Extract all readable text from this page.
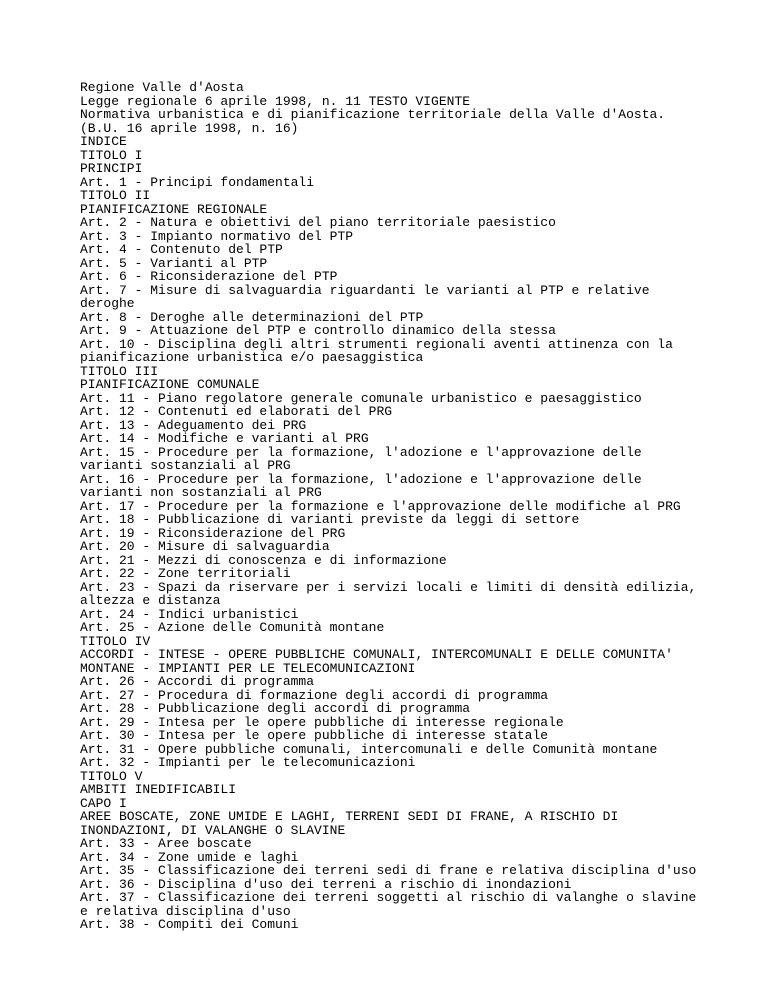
Regione Valle d'Aosta
Legge regionale 6 aprile 1998, n. 11 TESTO VIGENTE
Normativa urbanistica e di pianificazione territoriale della Valle d'Aosta.
(B.U. 16 aprile 1998, n. 16)
INDICE
TITOLO I
PRINCIPI
Art. 1 - Principi fondamentali
TITOLO II
PIANIFICAZIONE REGIONALE
Art. 2 - Natura e obiettivi del piano territoriale paesistico
Art. 3 - Impianto normativo del PTP
Art. 4 - Contenuto del PTP
Art. 5 - Varianti al PTP
Art. 6 - Riconsiderazione del PTP
Art. 7 - Misure di salvaguardia riguardanti le varianti al PTP e relative
deroghe
Art. 8 - Deroghe alle determinazioni del PTP
Art. 9 - Attuazione del PTP e controllo dinamico della stessa
Art. 10 - Disciplina degli altri strumenti regionali aventi attinenza con la
pianificazione urbanistica e/o paesaggistica
TITOLO III
PIANIFICAZIONE COMUNALE
Art. 11 - Piano regolatore generale comunale urbanistico e paesaggistico
Art. 12 - Contenuti ed elaborati del PRG
Art. 13 - Adeguamento dei PRG
Art. 14 - Modifiche e varianti al PRG
Art. 15 - Procedure per la formazione, l'adozione e l'approvazione delle
varianti sostanziali al PRG
Art. 16 - Procedure per la formazione, l'adozione e l'approvazione delle
varianti non sostanziali al PRG
Art. 17 - Procedure per la formazione e l'approvazione delle modifiche al PRG
Art. 18 - Pubblicazione di varianti previste da leggi di settore
Art. 19 - Riconsiderazione del PRG
Art. 20 - Misure di salvaguardia
Art. 21 - Mezzi di conoscenza e di informazione
Art. 22 - Zone territoriali
Art. 23 - Spazi da riservare per i servizi locali e limiti di densità edilizia,
altezza e distanza
Art. 24 - Indici urbanistici
Art. 25 - Azione delle Comunità montane
TITOLO IV
ACCORDI - INTESE - OPERE PUBBLICHE COMUNALI, INTERCOMUNALI E DELLE COMUNITA'
MONTANE - IMPIANTI PER LE TELECOMUNICAZIONI
Art. 26 - Accordi di programma
Art. 27 - Procedura di formazione degli accordi di programma
Art. 28 - Pubblicazione degli accordi di programma
Art. 29 - Intesa per le opere pubbliche di interesse regionale
Art. 30 - Intesa per le opere pubbliche di interesse statale
Art. 31 - Opere pubbliche comunali, intercomunali e delle Comunità montane
Art. 32 - Impianti per le telecomunicazioni
TITOLO V
AMBITI INEDIFICABILI
CAPO I
AREE BOSCATE, ZONE UMIDE E LAGHI, TERRENI SEDI DI FRANE, A RISCHIO DI
INONDAZIONI, DI VALANGHE O SLAVINE
Art. 33 - Aree boscate
Art. 34 - Zone umide e laghi
Art. 35 - Classificazione dei terreni sedi di frane e relativa disciplina d'uso
Art. 36 - Disciplina d'uso dei terreni a rischio di inondazioni
Art. 37 - Classificazione dei terreni soggetti al rischio di valanghe o slavine
e relativa disciplina d'uso
Art. 38 - Compiti dei Comuni
